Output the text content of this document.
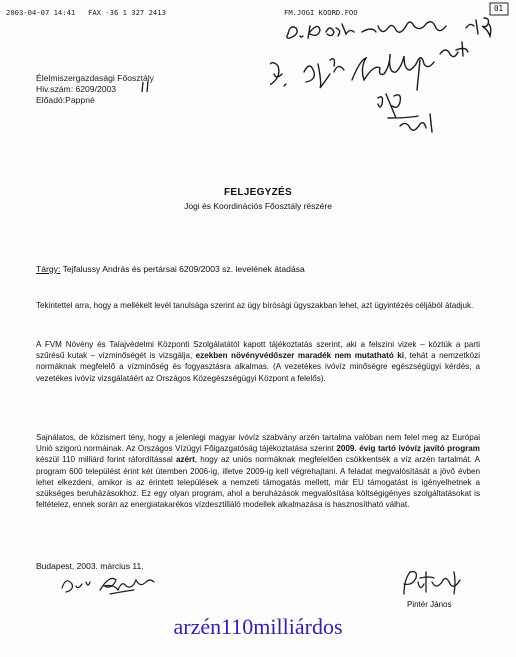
2003-04-07 14:41 FAX -36 1 327 2413	FM.JOGI KOORD.FOO	01
Élelmiszergazdasági Főosztály
Hiv.szám: 6209/2003
Előadó:Pappné
FELJEGYZÉS
Jogi és Koordinációs Főosztály részére
Tárgy: Tejfalussy András és pertársai 6209/2003 sz. levelének átadása
Tekintettel arra, hogy a mellékelt levél tanulsága szerint az ügy bírósági ügyszakban lehet, azt ügyintézés céljából átadjuk.
A FVM Növény és Talajvédelmi Központi Szolgálatától kapott tájékoztatás szerint, aki a felszíni vizek – köztük a parti szűrésű kutak – vízminőségét is vizsgálja, ezekben növényvédőszer maradék nem mutatható ki, tehát a nemzetközi normáknak megfelelő a vízminőség és fogyasztásra alkalmas. (A vezetékes ivóvíz minőségre egészségügyi kérdés, a vezetékes ivóvíz vizsgálatáért az Országos Közegészségügyi Központ a felelős).
Sajnálatos, de közismert tény, hogy a jelenlegi magyar ivóvíz szabvány arzén tartalma valóban nem felel meg az Európai Unió szigorú normáinak. Az Országos Vízügyi Főigazgatóság tájékoztatása szerint 2009. évig tartó ivóvíz javító program készül 110 milliárd forint ráfordítással azért, hogy az uniós normáknak megfelelően csökkentsék a víz arzén tartalmát. A program 600 települést érint két ütemben 2006-ig, illetve 2009-ig kell végrehajtani. A feladat megvalósítását a jövő évben lehet elkezdeni, amikor is az érintett települések a nemzeti támogatás mellett, már EU támogatást is igényelhetnek a szükséges beruházásokhoz. Ez egy olyan program, ahol a beruházások megvalósítása költségigényes szolgáltatásokat is feltételez, ennek során az energiatakarékos vízdesztilláló modellek alkalmazása is hasznosítható válhat.
Budapest, 2003. március 11.
Pintér János
arzén110milliárdos
